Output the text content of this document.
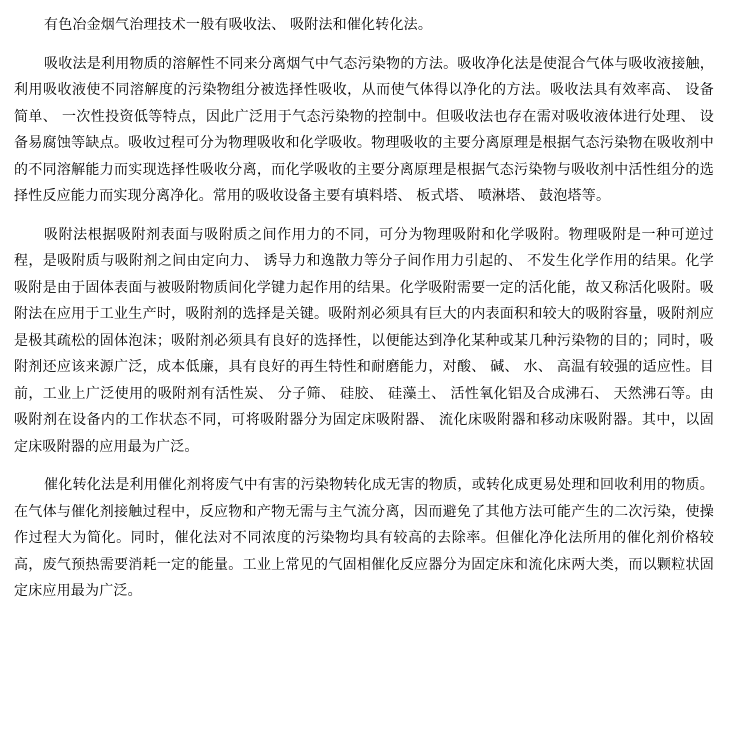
有色冶金烟气治理技术一般有吸收法、 吸附法和催化转化法。

吸收法是利用物质的溶解性不同来分离烟气中气态污染物的方法。吸收净化法是使混合气体与吸收液接触，利用吸收液使不同溶解度的污染物组分被选择性吸收，从而使气体得以净化的方法。吸收法具有效率高、 设备简单、 一次性投资低等特点，因此广泛用于气态污染物的控制中。但吸收法也存在需对吸收液体进行处理、 设备易腐蚀等缺点。吸收过程可分为物理吸收和化学吸收。物理吸收的主要分离原理是根据气态污染物在吸收剂中的不同溶解能力而实现选择性吸收分离，而化学吸收的主要分离原理是根据气态污染物与吸收剂中活性组分的选择性反应能力而实现分离净化。常用的吸收设备主要有填料塔、 板式塔、 喷淋塔、 鼓泡塔等。

吸附法根据吸附剂表面与吸附质之间作用力的不同，可分为物理吸附和化学吸附。物理吸附是一种可逆过程，是吸附质与吸附剂之间由定向力、 诱导力和逸散力等分子间作用力引起的、 不发生化学作用的结果。化学吸附是由于固体表面与被吸附物质间化学键力起作用的结果。化学吸附需要一定的活化能，故又称活化吸附。吸附法在应用于工业生产时，吸附剂的选择是关键。吸附剂必须具有巨大的内表面积和较大的吸附容量，吸附剂应是极其疏松的固体泡沫；吸附剂必须具有良好的选择性，以便能达到净化某种或某几种污染物的目的；同时，吸附剂还应该来源广泛，成本低廉，具有良好的再生特性和耐磨能力，对酸、 碱、 水、 高温有较强的适应性。目前，工业上广泛使用的吸附剂有活性炭、 分子筛、 硅胶、 硅藻土、 活性氧化铝及合成沸石、 天然沸石等。由吸附剂在设备内的工作状态不同，可将吸附器分为固定床吸附器、 流化床吸附器和移动床吸附器。其中，以固定床吸附器的应用最为广泛。

催化转化法是利用催化剂将废气中有害的污染物转化成无害的物质，或转化成更易处理和回收利用的物质。在气体与催化剂接触过程中，反应物和产物无需与主气流分离，因而避免了其他方法可能产生的二次污染，使操作过程大为简化。同时，催化法对不同浓度的污染物均具有较高的去除率。但催化净化法所用的催化剂价格较高，废气预热需要消耗一定的能量。工业上常见的气固相催化反应器分为固定床和流化床两大类，而以颗粒状固定床应用最为广泛。
